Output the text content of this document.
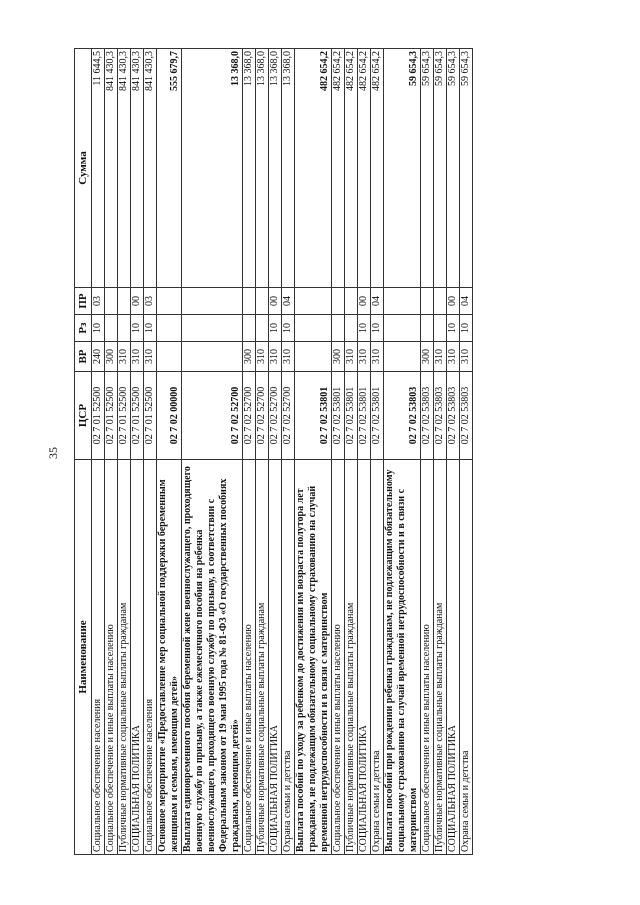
35
Наименование	ЦСР	ВР	Рз	ПР	Сумма
Социальное обеспечение населения	02 7 01 52500	240	10	03	11 644,5
Социальное обеспечение и иные выплаты населению	02 7 01 52500	300			841 430,3
Публичные нормативные социальные выплаты гражданам	02 7 01 52500	310			841 430,3
СОЦИАЛЬНАЯ ПОЛИТИКА	02 7 01 52500	310	10	00	841 430,3
Социальное обеспечение населения	02 7 01 52500	310	10	03	841 430,3
Основное мероприятие «Предоставление мер социальной поддержки беременным женщинам и семьям, имеющим детей»	02 7 02 00000				555 679,7
Выплата единовременного пособия беременной жене военнослужащего, проходящего военную службу по призыву, а также ежемесячного пособия на ребенка военнослужащего, проходящего военную службу по призыву, в соответствии с Федеральным законом от 19 мая 1995 года № 81-ФЗ «О государственных пособиях гражданам, имеющим детей»	02 7 02 52700				13 368,0
Социальное обеспечение и иные выплаты населению	02 7 02 52700	300			13 368,0
Публичные нормативные социальные выплаты гражданам	02 7 02 52700	310			13 368,0
СОЦИАЛЬНАЯ ПОЛИТИКА	02 7 02 52700	310	10	00	13 368,0
Охрана семьи и детства	02 7 02 52700	310	10	04	13 368,0
Выплата пособий по уходу за ребенком до достижения им возраста полутора лет гражданам, не подлежащим обязательному социальному страхованию на случай временной нетрудоспособности и в связи с материнством	02 7 02 53801				482 654,2
Социальное обеспечение и иные выплаты населению	02 7 02 53801	300			482 654,2
Публичные нормативные социальные выплаты гражданам	02 7 02 53801	310			482 654,2
СОЦИАЛЬНАЯ ПОЛИТИКА	02 7 02 53801	310	10	00	482 654,2
Охрана семьи и детства	02 7 02 53801	310	10	04	482 654,2
Выплата пособий при рождении ребенка гражданам, не подлежащим обязательному социальному страхованию на случай временной нетрудоспособности и в связи с материнством	02 7 02 53803				59 654,3
Социальное обеспечение и иные выплаты населению	02 7 02 53803	300			59 654,3
Публичные нормативные социальные выплаты гражданам	02 7 02 53803	310			59 654,3
СОЦИАЛЬНАЯ ПОЛИТИКА	02 7 02 53803	310	10	00	59 654,3
Охрана семьи и детства	02 7 02 53803	310	10	04	59 654,3
